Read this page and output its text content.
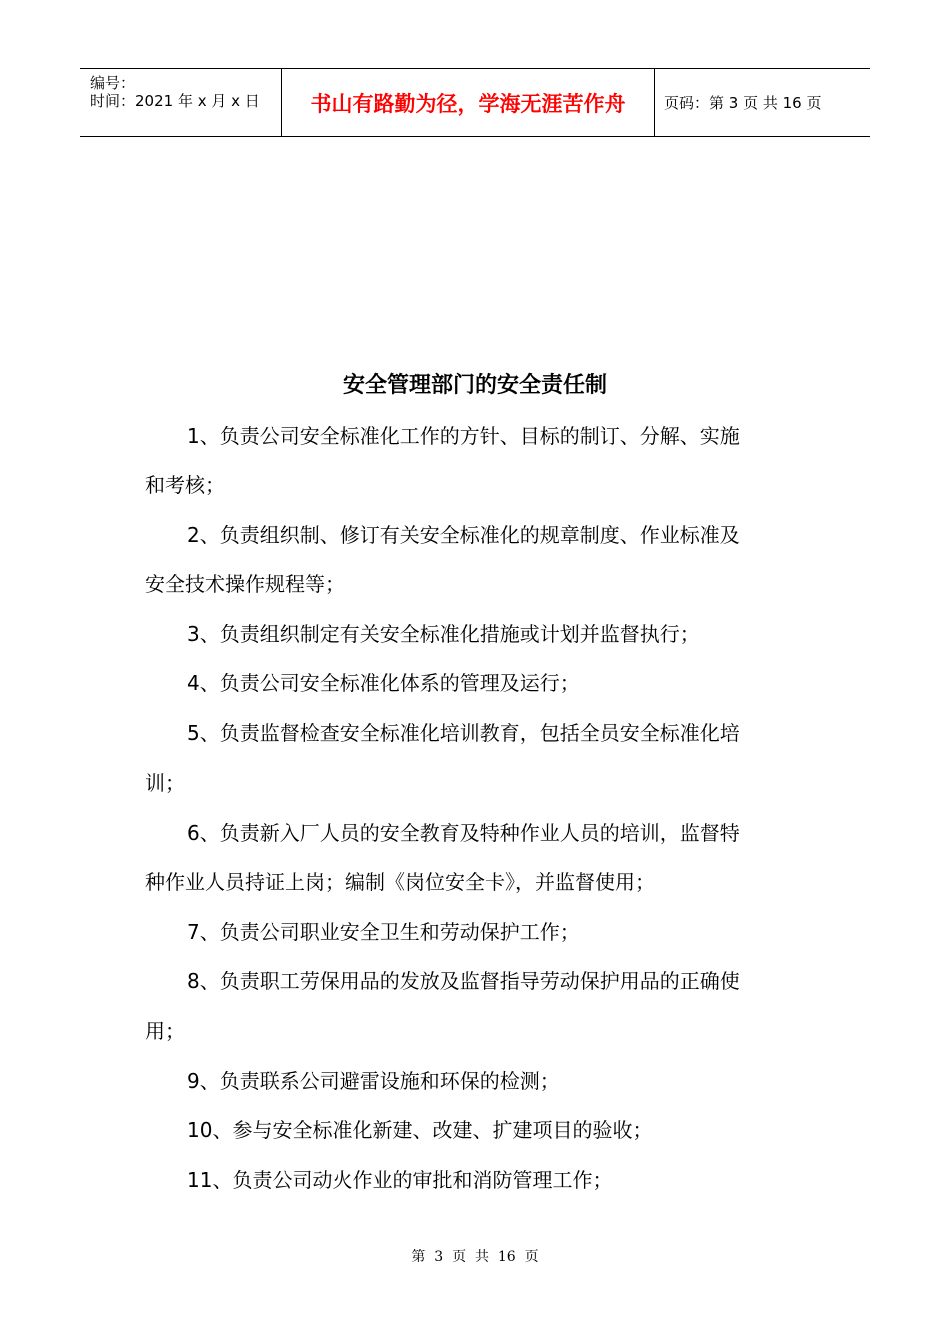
编号：
时间：2021 年 x 月 x 日	书山有路勤为径，学海无涯苦作舟	页码：第 3 页 共 16 页
安全管理部门的安全责任制
1、负责公司安全标准化工作的方针、目标的制订、分解、实施
和考核；
2、负责组织制、修订有关安全标准化的规章制度、作业标准及
安全技术操作规程等；
3、负责组织制定有关安全标准化措施或计划并监督执行；
4、负责公司安全标准化体系的管理及运行；
5、负责监督检查安全标准化培训教育，包括全员安全标准化培
训；
6、负责新入厂人员的安全教育及特种作业人员的培训，监督特
种作业人员持证上岗；编制《岗位安全卡》，并监督使用；
7、负责公司职业安全卫生和劳动保护工作；
8、负责职工劳保用品的发放及监督指导劳动保护用品的正确使
用；
9、负责联系公司避雷设施和环保的检测；
10、参与安全标准化新建、改建、扩建项目的验收；
11、负责公司动火作业的审批和消防管理工作；
第  3  页  共  16  页
